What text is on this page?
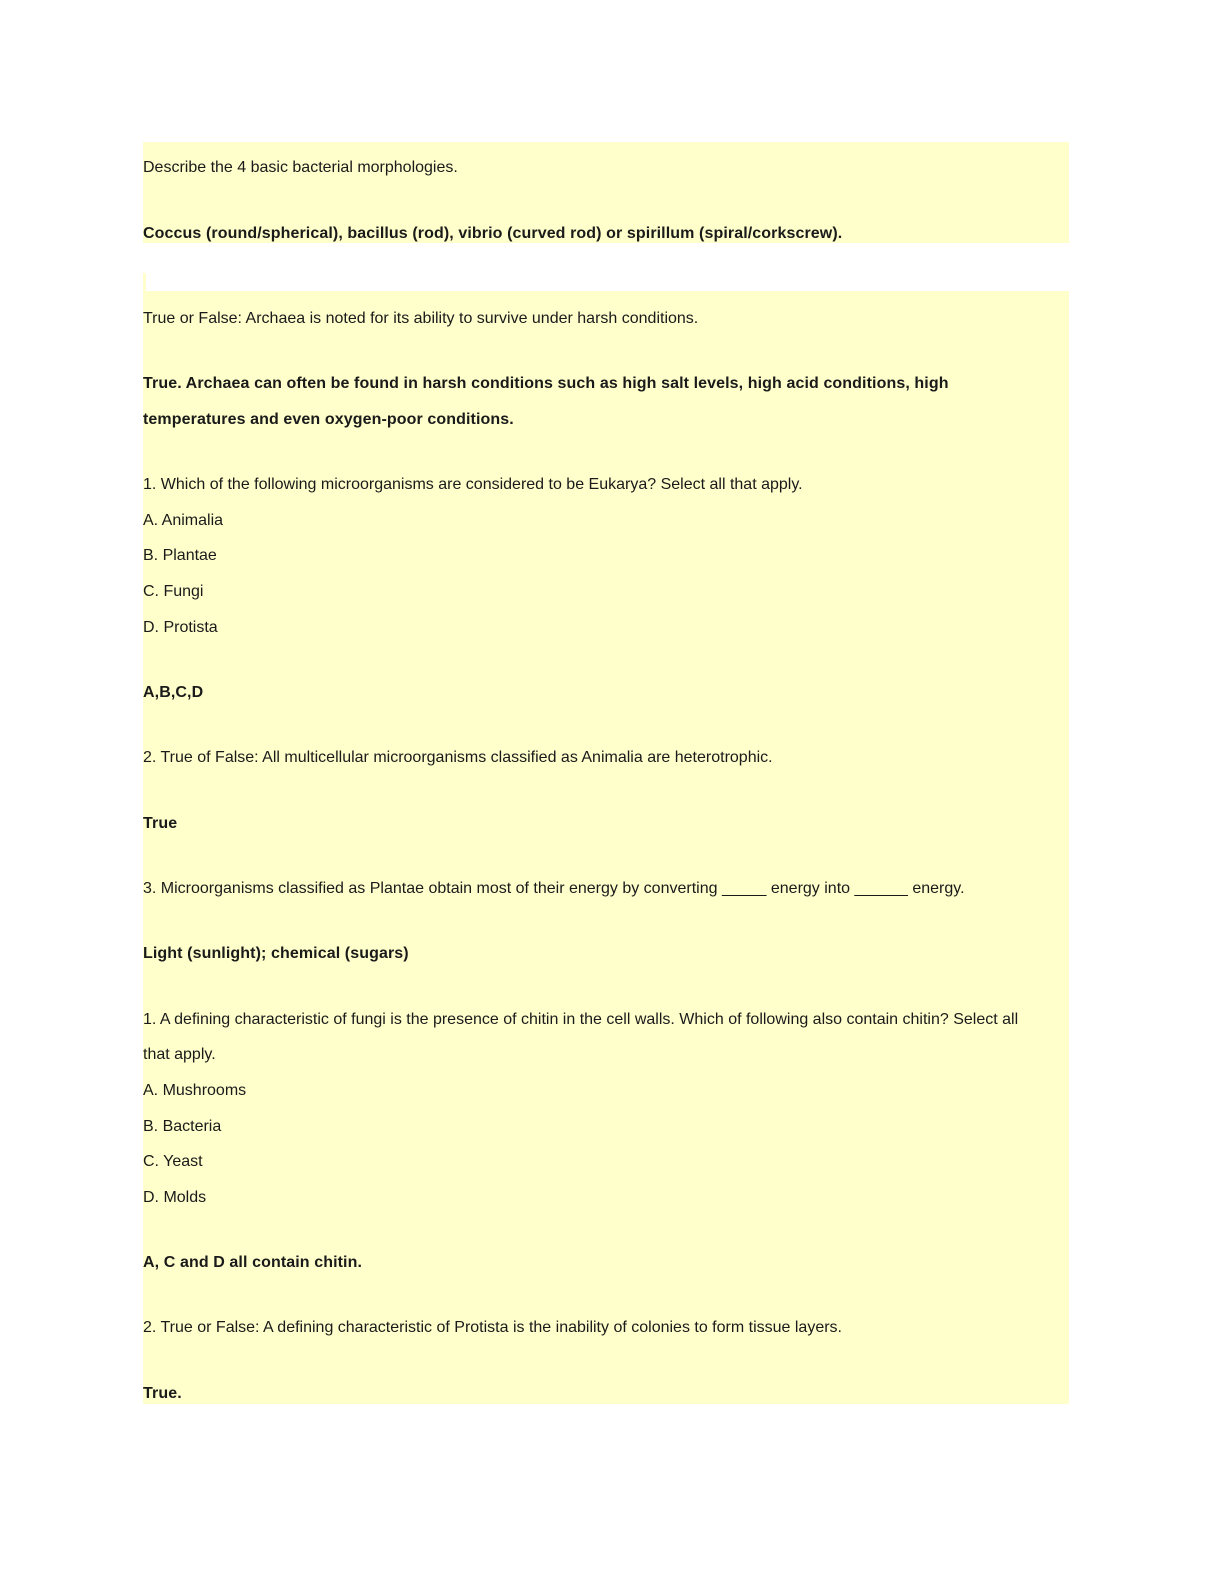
Describe the 4 basic bacterial morphologies.
Coccus (round/spherical), bacillus (rod), vibrio (curved rod) or spirillum (spiral/corkscrew).
True or False: Archaea is noted for its ability to survive under harsh conditions.
True. Archaea can often be found in harsh conditions such as high salt levels, high acid conditions, high
temperatures and even oxygen-poor conditions.
1. Which of the following microorganisms are considered to be Eukarya? Select all that apply.
A. Animalia
B. Plantae
C. Fungi
D. Protista
A,B,C,D
2. True of False: All multicellular microorganisms classified as Animalia are heterotrophic.
True
3. Microorganisms classified as Plantae obtain most of their energy by converting _____ energy into ______ energy.
Light (sunlight); chemical (sugars)
1. A defining characteristic of fungi is the presence of chitin in the cell walls. Which of following also contain chitin? Select all
that apply.
A. Mushrooms
B. Bacteria
C. Yeast
D. Molds
A, C and D all contain chitin.
2. True or False: A defining characteristic of Protista is the inability of colonies to form tissue layers.
True.
